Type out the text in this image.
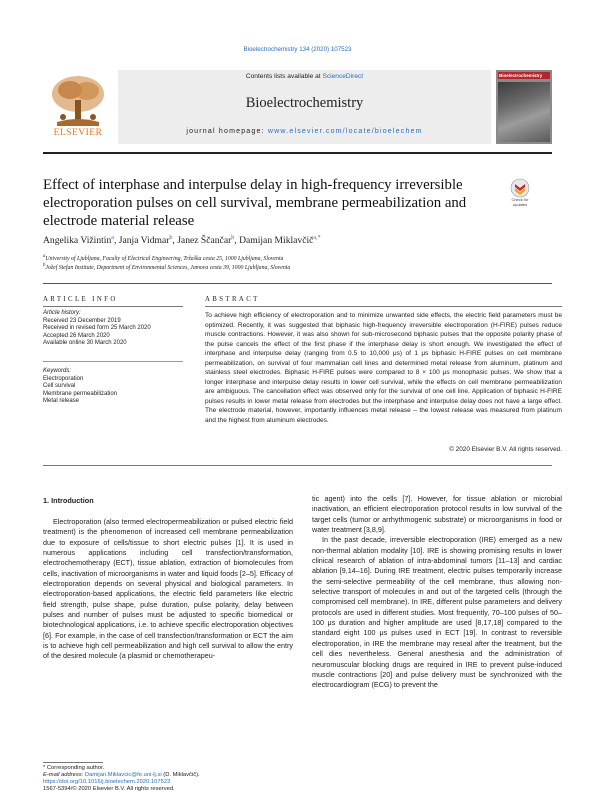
Bioelectrochemistry 134 (2020) 107523
ELSEVIER
Contents lists available at ScienceDirect
Bioelectrochemistry
journal homepage: www.elsevier.com/locate/bioelechem
Bioelectrochemistry
Effect of interphase and interpulse delay in high-frequency irreversible electroporation pulses on cell survival, membrane permeabilization and electrode material release
Check for updates
Angelika Vižintin$^a$, Janja Vidmar$^b$, Janez Ščančar$^b$, Damijan Miklavčič$^{a,*}$
$^a$University of Ljubljana, Faculty of Electrical Engineering, Tržaška cesta 25, 1000 Ljubljana, Slovenia
$^b$Jožef Stefan Institute, Department of Environmental Sciences, Jamova cesta 39, 1000 Ljubljana, Slovenia
ARTICLE INFO
Article history:
Received 23 December 2019
Received in revised form 25 March 2020
Accepted 26 March 2020
Available online 30 March 2020
Keywords:
Electroporation
Cell survival
Membrane permeabilization
Metal release
ABSTRACT
To achieve high efficiency of electroporation and to minimize unwanted side effects, the electric field parameters must be optimized. Recently, it was suggested that biphasic high-frequency irreversible electroporation (H-FIRE) pulses reduce muscle contractions. However, it was also shown for sub-microsecond biphasic pulses that the opposite polarity phase of the pulse cancels the effect of the first phase if the interphase delay is short enough. We investigated the effect of interphase and interpulse delay (ranging from 0.5 to 10,000 μs) of 1 μs biphasic H-FIRE pulses on cell membrane permeabilization, on survival of four mammalian cell lines and determined metal release from aluminum, platinum and stainless steel electrodes. Biphasic H-FIRE pulses were compared to 8 × 100 μs monophasic pulses. We show that a longer interphase and interpulse delay results in lower cell survival, while the effects on cell membrane permeabilization are ambiguous. The cancellation effect was observed only for the survival of one cell line. Application of biphasic H-FIRE pulses results in lower metal release from electrodes but the interphase and interpulse delay does not have a large effect. The electrode material, however, importantly influences metal release – the lowest release was measured from platinum and the highest from aluminum electrodes.
© 2020 Elsevier B.V. All rights reserved.
1. Introduction

Electroporation (also termed electropermeabilization or pulsed electric field treatment) is the phenomenon of increased cell membrane permeabilization due to exposure of cells/tissue to short electric pulses [1]. It is used in numerous applications including cell transfection/transformation, electrochemotherapy (ECT), tissue ablation, extraction of biomolecules from cells, inactivation of microorganisms in water and liquid foods [2–5]. Efficacy of electroporation depends on several physical and biological parameters. In electroporation-based applications, the electric field parameters like electric field strength, pulse shape, pulse duration, pulse polarity, delay between pulses and number of pulses must be adjusted to specific biomedical or biotechnological applications, i.e. to achieve specific electroporation objectives [6]. For example, in the case of cell transfection/transformation or ECT the aim is to achieve high cell permeabilization and high cell survival to allow the entry of the desired molecule (a plasmid or chemotherapeu-

tic agent) into the cells [7]. However, for tissue ablation or microbial inactivation, an efficient electroporation protocol results in low survival of the target cells (tumor or arrhythmogenic substrate) or microorganisms in food or water treatment [3,8,9].

In the past decade, irreversible electroporation (IRE) emerged as a new non-thermal ablation modality [10]. IRE is showing promising results in lower clinical research of ablation of intra-abdominal tumors [11–13] and cardiac ablation [9,14–16]. During IRE treatment, electric pulses temporarily increase the semi-selective permeability of the cell membrane, thus allowing non-selective transport of molecules in and out of the targeted cells (through the compromised cell membrane). In IRE, different pulse parameters and delivery protocols are used in different studies. Most frequently, 70–100 pulses of 50–100 μs duration and higher amplitude are used [8,17,18] compared to the standard eight 100 μs pulses used in ECT [19]. In contrast to reversible electroporation, in IRE the membrane may reseal after the treatment, but the cell dies nevertheless. General anesthesia and the administration of neuromuscular blocking drugs are required in IRE to prevent pulse-induced muscle contractions [20] and pulse delivery must be synchronized with the electrocardiogram (ECG) to prevent the

* Corresponding author.
E-mail address: Damijan.Miklavcic@fe.uni-lj.si (D. Miklavčič).
https://doi.org/10.1016/j.bioelechem.2020.107523
1567-5394/© 2020 Elsevier B.V. All rights reserved.
